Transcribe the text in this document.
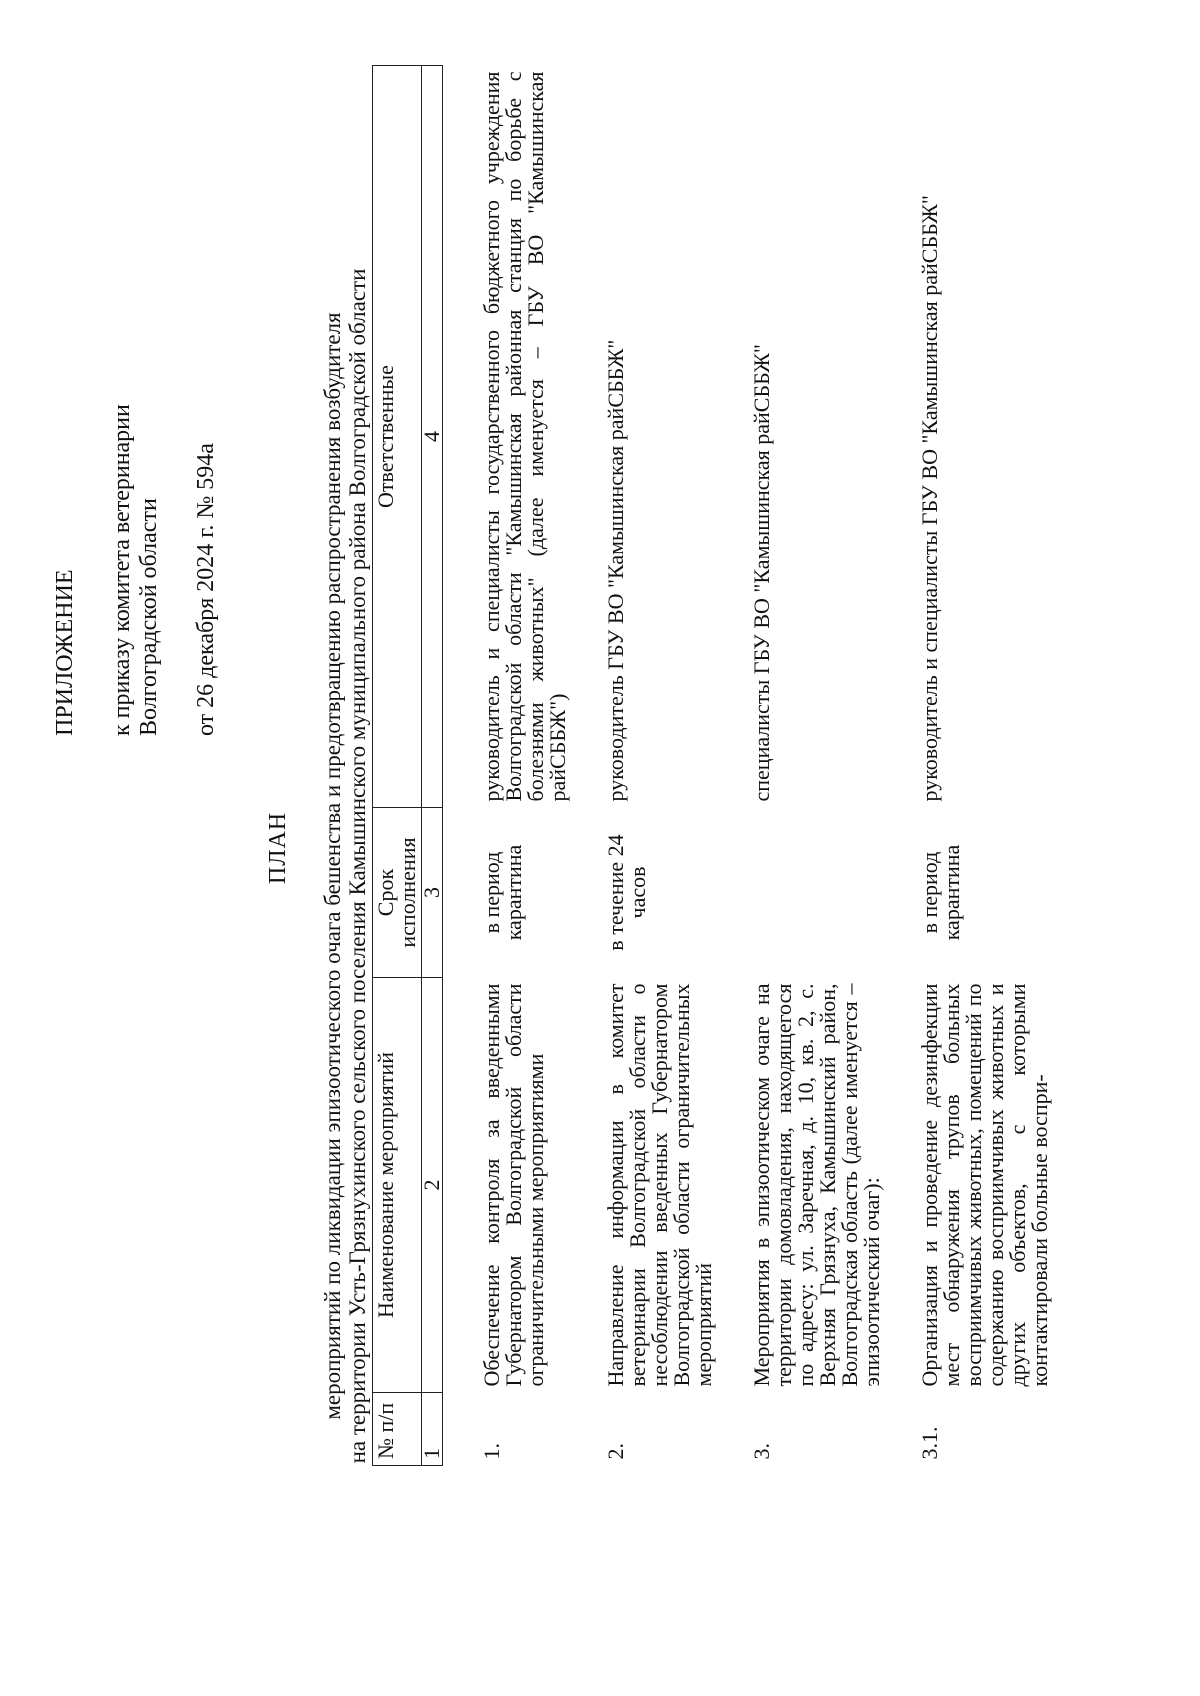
ПРИЛОЖЕНИЕ к приказу комитета ветеринарии Волгоградской области от 26 декабря 2024 г. № 594а
ПЛАН мероприятий по ликвидации эпизоотического очага бешенства и предотвращению распространения возбудителя на территории Усть-Грязнухинского сельского поселения Камышинского муниципального района Волгоградской области № п/п	Наименование мероприятий	Срок исполнения	Ответственные
1	2	3	4
1.	Обеспечение контроля за введенными Губернатором Волгоградской области ограничительными мероприятиями	в период карантина	руководитель и специалисты государственного бюджетного учреждения Волгоградской области "Камышинская районная станция по борьбе с болезнями животных" (далее именуется – ГБУ ВО "Камышинская райСББЖ")
2.	Направление информации в комитет ветеринарии Волгоградской области о несоблюдении введенных Губернатором Волгоградской области ограничительных мероприятий	в течение 24 часов	руководитель ГБУ ВО "Камышинская райСББЖ"
3.	Мероприятия в эпизоотическом очаге на территории домовладения, находящегося по адресу: ул. Заречная, д. 10, кв. 2, с. Верхняя Грязнуха, Камышинский район, Волгоградская область (далее именуется – эпизоотический очаг):		специалисты ГБУ ВО "Камышинская райСББЖ"
3.1.	Организация и проведение дезинфекции мест обнаружения трупов больных восприимчивых животных, помещений по содержанию восприимчивых животных и других объектов, с которыми контактировали больные воспри-	в период карантина	руководитель и специалисты ГБУ ВО "Камышинская райСББЖ"
